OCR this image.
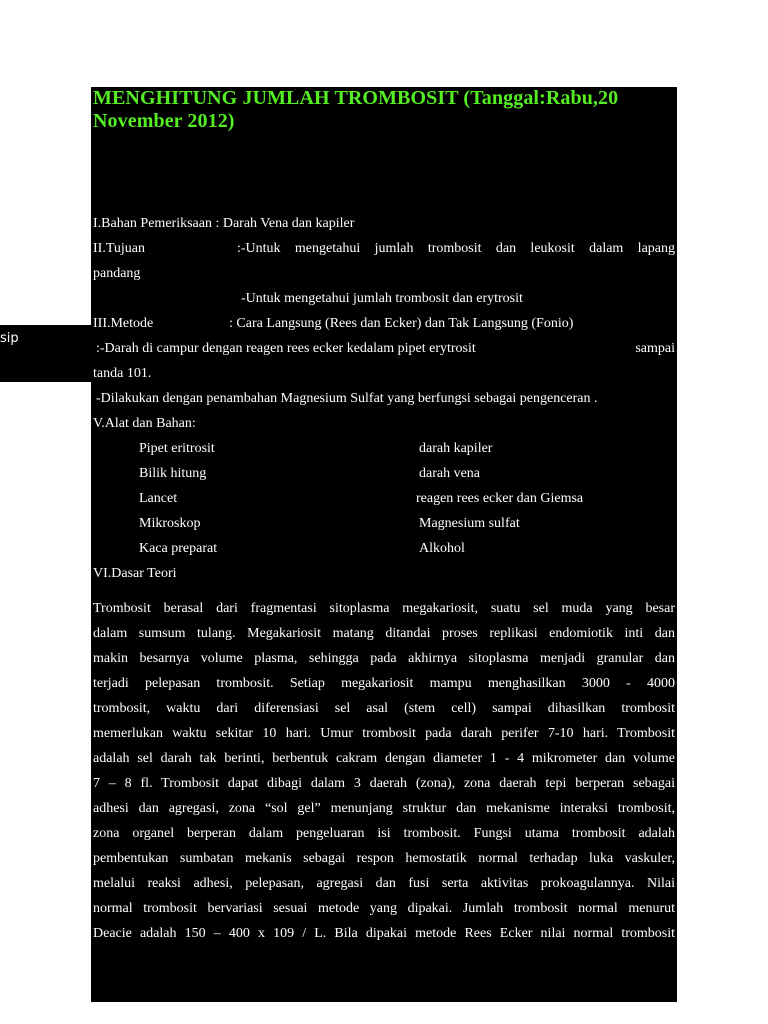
sip
MENGHITUNG JUMLAH TROMBOSIT (Tanggal:Rabu,20 November 2012)

I.Bahan Pemeriksaan : Darah Vena dan kapiler

II.Tujuan	:-Untuk mengetahui jumlah trombosit dan leukosit dalam lapang

pandang

-Untuk mengetahui jumlah trombosit dan erytrosit

III.Metode	: Cara Langsung (Rees dan Ecker) dan Tak Langsung (Fonio)
:-Darah di campur dengan reagen rees ecker kedalam pipet erytrosit	sampai

tanda 101.

-Dilakukan dengan penambahan Magnesium Sulfat yang berfungsi sebagai pengenceran .

V.Alat dan Bahan:

Pipet eritrosit	darah kapiler
Bilik hitung	darah vena
Lancet	reagen rees ecker dan Giemsa
Mikroskop	Magnesium sulfat
Kaca preparat	Alkohol

VI.Dasar Teori

Trombosit berasal dari fragmentasi sitoplasma megakariosit, suatu sel muda yang besar
dalam sumsum tulang. Megakariosit matang ditandai proses replikasi endomiotik inti dan
makin besarnya volume plasma, sehingga pada akhirnya sitoplasma menjadi granular dan
terjadi pelepasan trombosit. Setiap megakariosit mampu menghasilkan 3000 - 4000
trombosit, waktu dari diferensiasi sel asal (stem cell) sampai dihasilkan trombosit
memerlukan waktu sekitar 10 hari. Umur trombosit pada darah perifer 7-10 hari. Trombosit
adalah sel darah tak berinti, berbentuk cakram dengan diameter 1 - 4 mikrometer dan volume
7 – 8 fl. Trombosit dapat dibagi dalam 3 daerah (zona), zona daerah tepi berperan sebagai
adhesi dan agregasi, zona “sol gel” menunjang struktur dan mekanisme interaksi trombosit,
zona organel berperan dalam pengeluaran isi trombosit. Fungsi utama trombosit adalah
pembentukan sumbatan mekanis sebagai respon hemostatik normal terhadap luka vaskuler,
melalui reaksi adhesi, pelepasan, agregasi dan fusi serta aktivitas prokoagulannya. Nilai
normal trombosit bervariasi sesuai metode yang dipakai. Jumlah trombosit normal menurut
Deacie adalah 150 – 400 x 109 / L. Bila dipakai metode Rees Ecker nilai normal trombosit
